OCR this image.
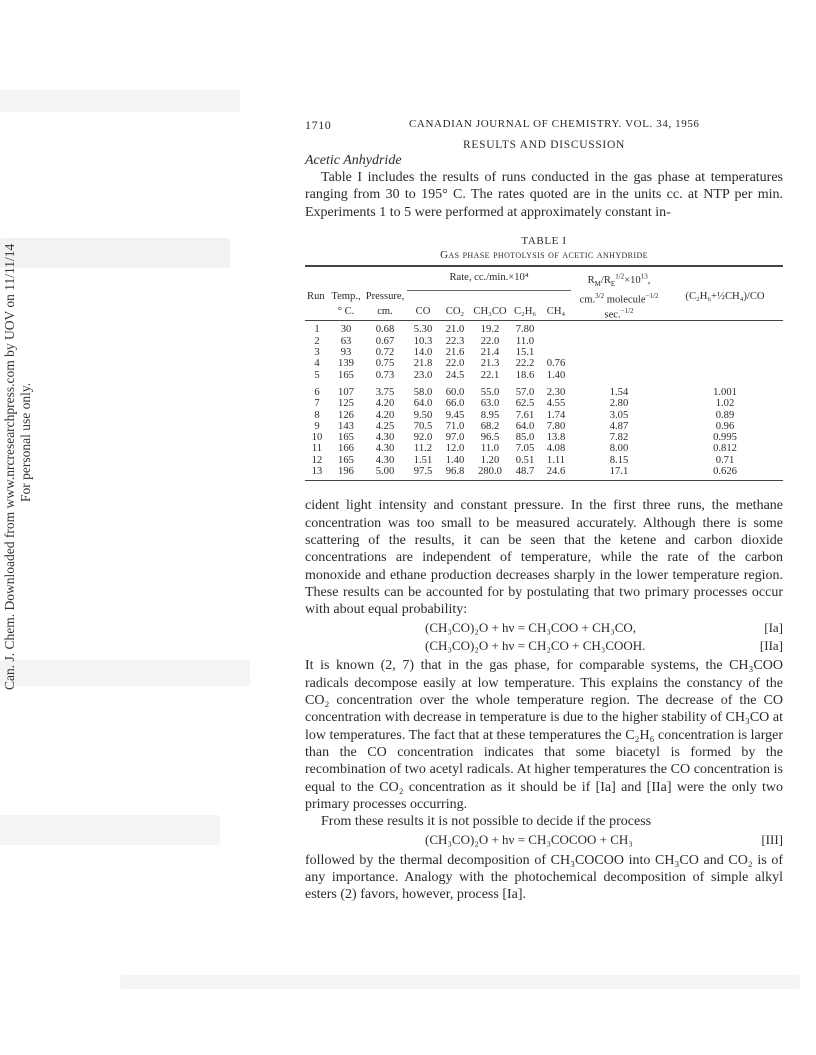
Can. J. Chem. Downloaded from www.nrcresearchpress.com by UOV on 11/11/14 For personal use only.
1710	CANADIAN JOURNAL OF CHEMISTRY. VOL. 34, 1956
RESULTS AND DISCUSSION
Acetic Anhydride

Table I includes the results of runs conducted in the gas phase at temperatures ranging from 30 to 195° C. The rates quoted are in the units cc. at NTP per min. Experiments 1 to 5 were performed at approximately constant in-

TABLE I
Gas phase photolysis of acetic anhydride

			Rate, cc./min.×10⁴					$R_M/R_E^{1/2}\times 10^{13}$,	
Run	Temp.,	Pressure,						cm.$^{3/2}$ molecule$^{-1/2}$	(C₂H₆+½CH₄)/CO
	° C.	cm.	CO	CO₂	CH₃CO	C₂H₆	CH₄	sec.$^{-1/2}$	

1	30	0.68	5.30	21.0	19.2	7.80			
2	63	0.67	10.3	22.3	22.0	11.0			
3	93	0.72	14.0	21.6	21.4	15.1			
4	139	0.75	21.8	22.0	21.3	22.2	0.76		
5	165	0.73	23.0	24.5	22.1	18.6	1.40		

6	107	3.75	58.0	60.0	55.0	57.0	2.30	1.54	1.001
7	125	4.20	64.0	66.0	63.0	62.5	4.55	2.80	1.02
8	126	4.20	9.50	9.45	8.95	7.61	1.74	3.05	0.89
9	143	4.25	70.5	71.0	68.2	64.0	7.80	4.87	0.96
10	165	4.30	92.0	97.0	96.5	85.0	13.8	7.82	0.995
11	166	4.30	11.2	12.0	11.0	7.05	4.08	8.00	0.812
12	165	4.30	1.51	1.40	1.20	0.51	1.11	8.15	0.71
13	196	5.00	97.5	96.8	280.0	48.7	24.6	17.1	0.626

cident light intensity and constant pressure. In the first three runs, the methane concentration was too small to be measured accurately. Although there is some scattering of the results, it can be seen that the ketene and carbon dioxide concentrations are independent of temperature, while the rate of the carbon monoxide and ethane production decreases sharply in the lower temperature region. These results can be accounted for by postulating that two primary processes occur with about equal probability:

(CH₃CO)₂O + hν = CH₃COO + CH₃CO,	[Ia]
(CH₃CO)₂O + hν = CH₂CO + CH₃COOH.	[IIa]

It is known (2, 7) that in the gas phase, for comparable systems, the CH₃COO radicals decompose easily at low temperature. This explains the constancy of the CO₂ concentration over the whole temperature region. The decrease of the CO concentration with decrease in temperature is due to the higher stability of CH₃CO at low temperatures. The fact that at these temperatures the C₂H₆ concentration is larger than the CO concentration indicates that some biacetyl is formed by the recombination of two acetyl radicals. At higher temperatures the CO concentration is equal to the CO₂ concentration as it should be if [Ia] and [IIa] were the only two primary processes occurring.

From these results it is not possible to decide if the process

(CH₃CO)₂O + hν = CH₃COCOO + CH₃	[III]

followed by the thermal decomposition of CH₃COCOO into CH₃CO and CO₂ is of any importance. Analogy with the photochemical decomposition of simple alkyl esters (2) favors, however, process [Ia].
